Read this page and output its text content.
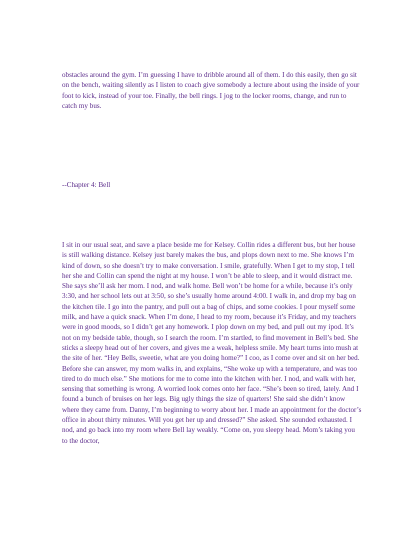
obstacles around the gym. I’m guessing I have to dribble around all of them. I do this easily, then go sit on the bench, waiting silently as I listen to coach give somebody a lecture about using the inside of your foot to kick, instead of your toe. Finally, the bell rings. I jog to the locker rooms, change, and run to catch my bus.

--Chapter 4: Bell

I sit in our usual seat, and save a place beside me for Kelsey. Collin rides a different bus, but her house is still walking distance. Kelsey just barely makes the bus, and plops down next to me. She knows I’m kind of down, so she doesn’t try to make conversation. I smile, gratefully. When I get to my stop, I tell her she and Collin can spend the night at my house. I won’t be able to sleep, and it would distract me. She says she’ll ask her mom. I nod, and walk home. Bell won’t be home for a while, because it’s only 3:30, and her school lets out at 3:50, so she’s usually home around 4:00. I walk in, and drop my bag on the kitchen tile. I go into the pantry, and pull out a bag of chips, and some cookies. I pour myself some milk, and have a quick snack. When I’m done, I head to my room, because it’s Friday, and my teachers were in good moods, so I didn’t get any homework. I plop down on my bed, and pull out my ipod. It’s not on my bedside table, though, so I search the room. I’m startled, to find movement in Bell’s bed. She sticks a sleepy head out of her covers, and gives me a weak, helpless smile. My heart turns into mush at the site of her. “Hey Bells, sweetie, what are you doing home?” I coo, as I come over and sit on her bed. Before she can answer, my mom walks in, and explains, “She woke up with a temperature, and was too tired to do much else.” She motions for me to come into the kitchen with her. I nod, and walk with her, sensing that something is wrong. A worried look comes onto her face. “She’s been so tired, lately. And I found a bunch of bruises on her legs. Big ugly things the size of quarters! She said she didn’t know where they came from. Danny, I’m beginning to worry about her. I made an appointment for the doctor’s office in about thirty minutes. Will you get her up and dressed?” She asked. She sounded exhausted. I nod, and go back into my room where Bell lay weakly. “Come on, you sleepy head. Mom’s taking you to the doctor,
